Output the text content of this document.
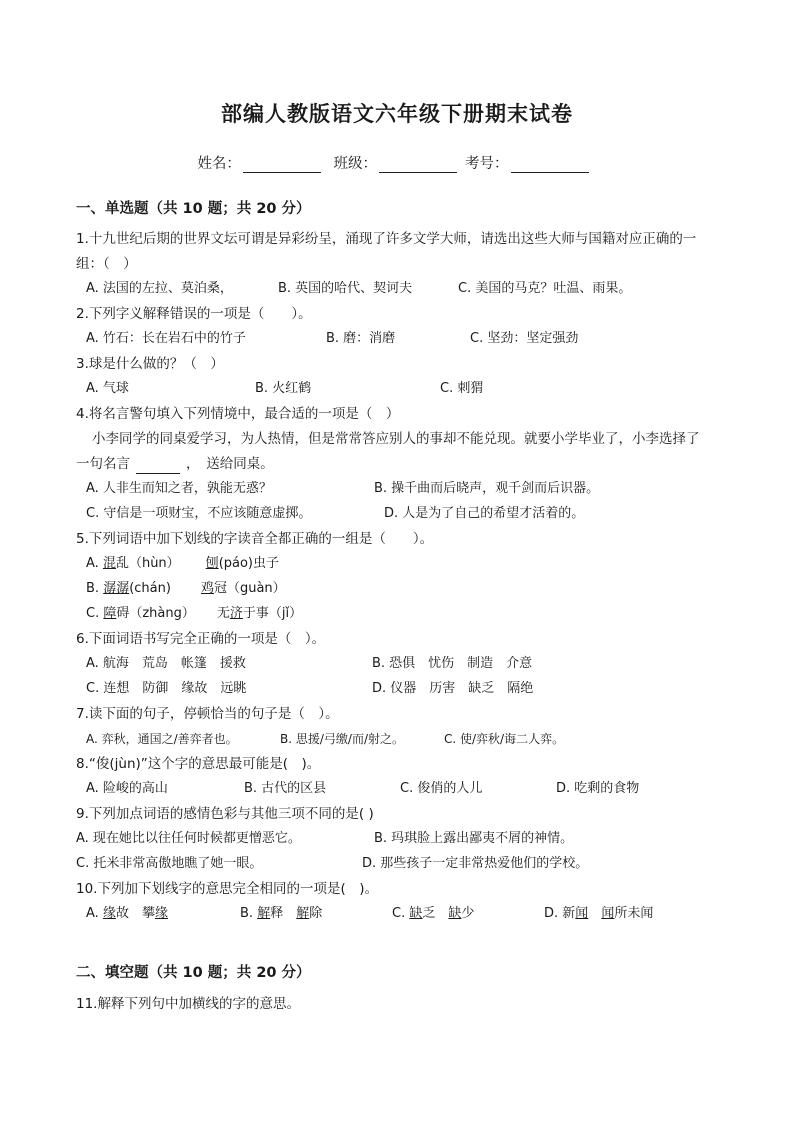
部编人教版语文六年级下册期末试卷
姓名：	班级：	考号：
一、单选题（共 10 题；共 20 分）
1.十九世纪后期的世界文坛可谓是异彩纷呈，涌现了许多文学大师，请选出这些大师与国籍对应正确的一
组：（　）
A. 法国的左拉、莫泊桑，	B. 英国的哈代、契诃夫	C. 美国的马克？吐温、雨果。
2.下列字义解释错误的一项是（　　）。
A. 竹石：长在岩石中的竹子	B. 磨：消磨	C. 坚劲：坚定强劲
3.球是什么做的？（　）
A. 气球	B. 火红鹤	C. 刺猬
4.将名言警句填入下列情境中，最合适的一项是（　）
小李同学的同桌爱学习，为人热情，但是常常答应别人的事却不能兑现。就要小学毕业了，小李选择了
一句名言	，　送给同桌。
A. 人非生而知之者，孰能无惑？	B. 操千曲而后晓声，观千剑而后识器。
C. 守信是一项财宝，不应该随意虚掷。	D. 人是为了自己的希望才活着的。
5.下列词语中加下划线的字读音全都正确的一组是（　　）。
A. 混乱（hùn） 刨(páo)虫子
B. 潺潺(chán) 鸡冠（guàn）
C. 障碍（zhàng） 无济于事（jǐ）
6.下面词语书写完全正确的一项是（　）。
A. 航海　荒岛　帐篷　援救	B. 恐俱　忧伤　制造　介意
C. 连想　防御　缘故　远眺	D. 仪器　历害　缺乏　隔绝
7.读下面的句子，停顿恰当的句子是（　）。
A. 弈秋，通国之/善弈者也。	B. 思援/弓缴/而/射之。	C. 使/弈秋/诲二人弈。
8.“俊(jùn)”这个字的意思最可能是(　)。
A. 险峻的高山	B. 古代的区县	C. 俊俏的人儿	D. 吃剩的食物
9.下列加点词语的感情色彩与其他三项不同的是( )
A. 现在她比以往任何时候都更憎恶它。	B. 玛琪脸上露出鄙夷不屑的神情。
C. 托米非常高傲地瞧了她一眼。	D. 那些孩子一定非常热爱他们的学校。
10.下列加下划线字的意思完全相同的一项是(　)。
A. 缘故　攀缘	B. 解释　解除	C. 缺乏　缺少	D. 新闻　 闻所未闻
二、填空题（共 10 题；共 20 分）
11.解释下列句中加横线的字的意思。
